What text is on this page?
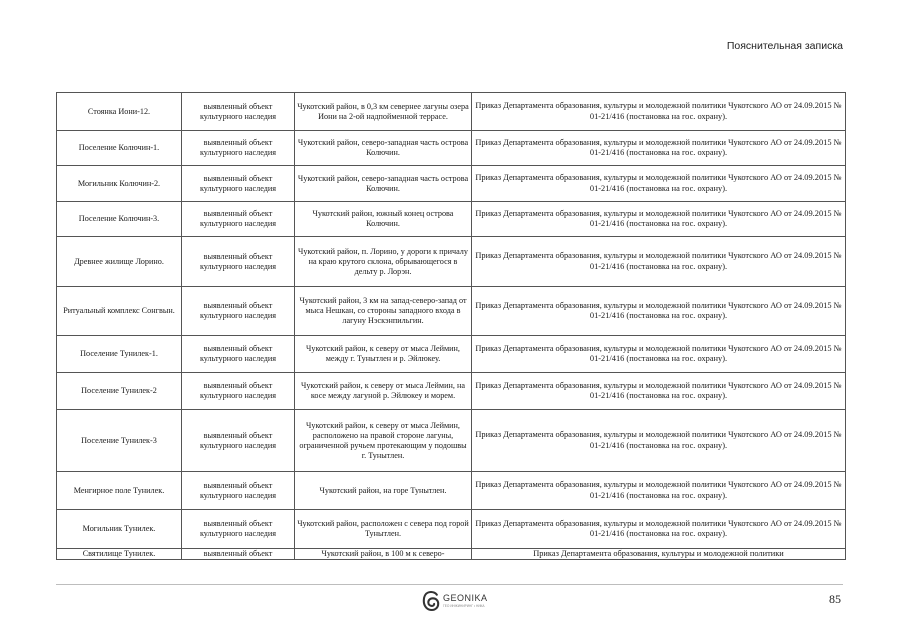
Пояснительная записка
Стоянка Иони-12.	выявленный объект культурного наследия	Чукотский район, в 0,3 км севернее лагуны озера Иони на 2-ой надпойменной террасе.	Приказ Департамента образования, культуры и молодежной политики Чукотского АО от 24.09.2015 № 01-21/416 (постановка на гос. охрану).
Поселение Колючин-1.	выявленный объект культурного наследия	Чукотский район, северо-западная часть острова Колючин.	Приказ Департамента образования, культуры и молодежной политики Чукотского АО от 24.09.2015 № 01-21/416 (постановка на гос. охрану).
Могильник Колючин-2.	выявленный объект культурного наследия	Чукотский район, северо-западная часть острова Колючин.	Приказ Департамента образования, культуры и молодежной политики Чукотского АО от 24.09.2015 № 01-21/416 (постановка на гос. охрану).
Поселение Колючин-3.	выявленный объект культурного наследия	Чукотский район, южный конец острова Колючин.	Приказ Департамента образования, культуры и молодежной политики Чукотского АО от 24.09.2015 № 01-21/416 (постановка на гос. охрану).
Древнее жилище Лорино.	выявленный объект культурного наследия	Чукотский район, п. Лорино, у дороги к причалу на краю крутого склона, обрывающегося в дельту р. Лорэн.	Приказ Департамента образования, культуры и молодежной политики Чукотского АО от 24.09.2015 № 01-21/416 (постановка на гос. охрану).
Ритуальный комплекс Сонгвын.	выявленный объект культурного наследия	Чукотский район, 3 км на запад-северо-запад от мыса Нешкан, со стороны западного входа в лагуну Нэскэнпильгин.	Приказ Департамента образования, культуры и молодежной политики Чукотского АО от 24.09.2015 № 01-21/416 (постановка на гос. охрану).
Поселение Тунилек-1.	выявленный объект культурного наследия	Чукотский район, к северу от мыса Леймин, между г. Тунытлен и р. Эйлюкеу.	Приказ Департамента образования, культуры и молодежной политики Чукотского АО от 24.09.2015 № 01-21/416 (постановка на гос. охрану).
Поселение Тунилек-2	выявленный объект культурного наследия	Чукотский район, к северу от мыса Леймин, на косе между лагуной р. Эйлюкеу и морем.	Приказ Департамента образования, культуры и молодежной политики Чукотского АО от 24.09.2015 № 01-21/416 (постановка на гос. охрану).
Поселение Тунилек-3	выявленный объект культурного наследия	Чукотский район, к северу от мыса Леймин, расположено на правой стороне лагуны, ограниченной ручьем протекающим у подошвы г. Тунытлен.	Приказ Департамента образования, культуры и молодежной политики Чукотского АО от 24.09.2015 № 01-21/416 (постановка на гос. охрану).
Менгирное поле Тунилек.	выявленный объект культурного наследия	Чукотский район, на горе Тунытлен.	Приказ Департамента образования, культуры и молодежной политики Чукотского АО от 24.09.2015 № 01-21/416 (постановка на гос. охрану).
Могильник Тунилек.	выявленный объект культурного наследия	Чукотский район, расположен с севера под горой Тунытлен.	Приказ Департамента образования, культуры и молодежной политики Чукотского АО от 24.09.2015 № 01-21/416 (постановка на гос. охрану).
Святилище Тунилек.	выявленный объект	Чукотский район, в 100 м к северо-	Приказ Департамента образования, культуры и молодежной политики
GEONIKA
ГЕО ИНЖИНИРИНГ • НИКА	85
